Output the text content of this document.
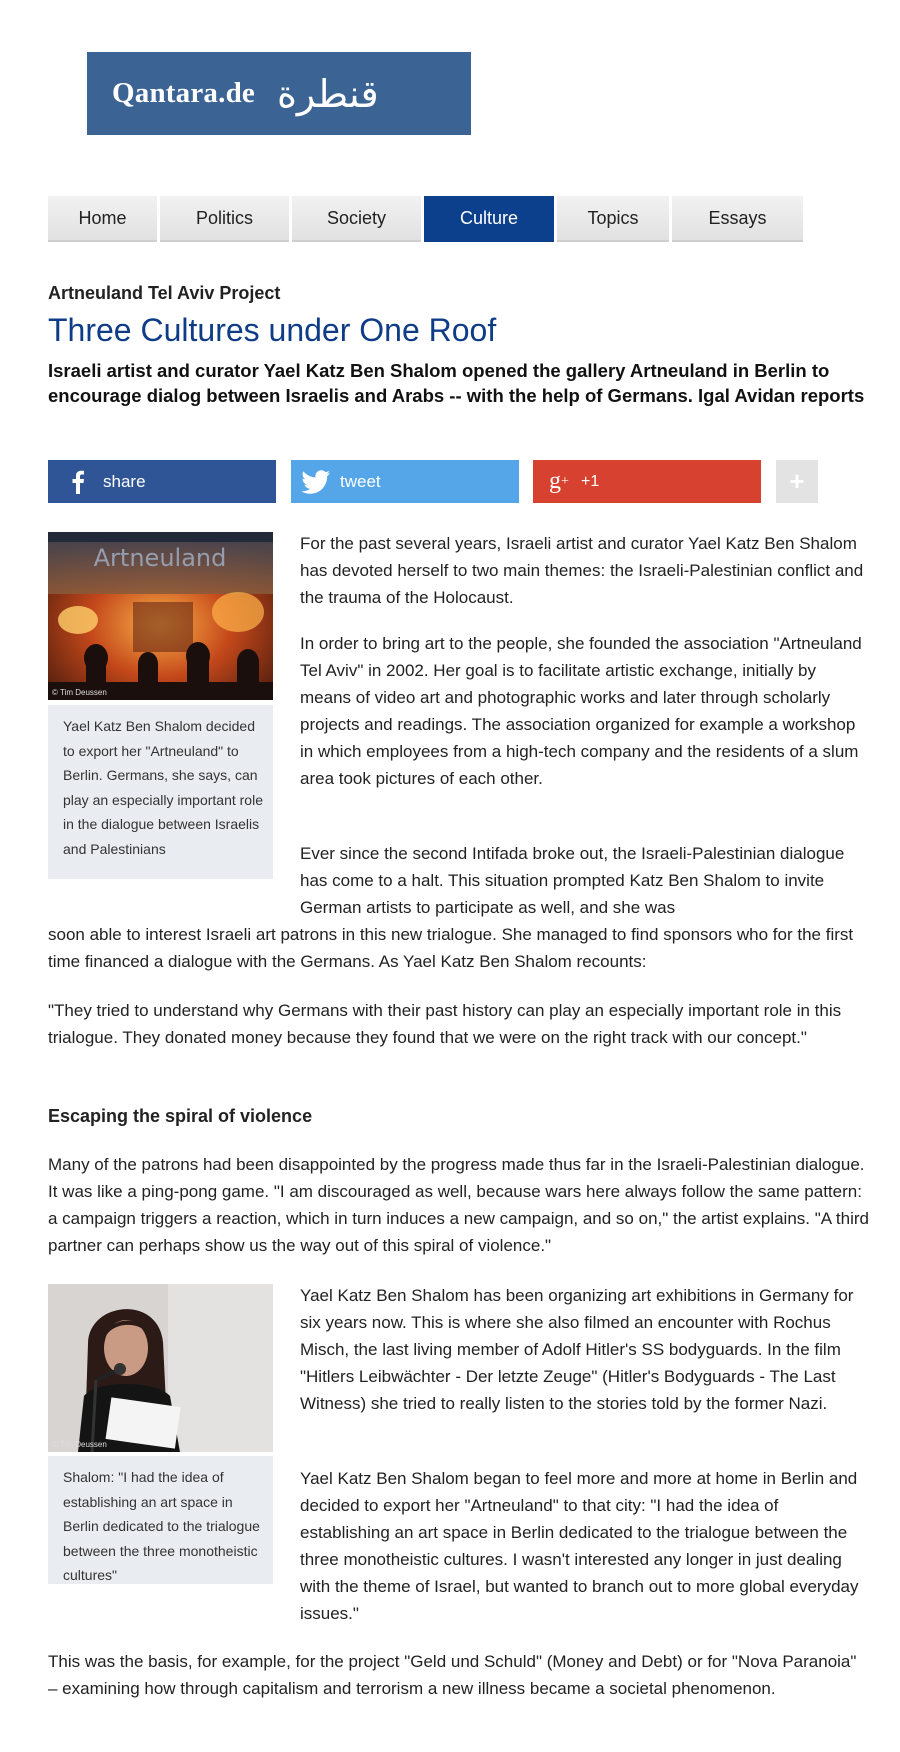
Qantara.de قنطرة
Home	Politics	Society	Culture	Topics	Essays
Artneuland Tel Aviv Project
Three Cultures under One Roof
Israeli artist and curator Yael Katz Ben Shalom opened the gallery Artneuland in Berlin to encourage dialog between Israelis and Arabs -- with the help of Germans. Igal Avidan reports
share	tweet	g + +1	+
Artneuland
© Tim Deussen
Yael Katz Ben Shalom decided to export her "Artneuland" to Berlin. Germans, she says, can play an especially important role in the dialogue between Israelis and Palestinians

For the past several years, Israeli artist and curator Yael Katz Ben Shalom has devoted herself to two main themes: the Israeli-Palestinian conflict and the trauma of the Holocaust.

In order to bring art to the people, she founded the association "Artneuland Tel Aviv" in 2002. Her goal is to facilitate artistic exchange, initially by means of video art and photographic works and later through scholarly projects and readings. The association organized for example a workshop in which employees from a high-tech company and the residents of a slum area took pictures of each other.

Ever since the second Intifada broke out, the Israeli-Palestinian dialogue has come to a halt. This situation prompted Katz Ben Shalom to invite German artists to participate as well, and she was

soon able to interest Israeli art patrons in this new trialogue. She managed to find sponsors who for the first time financed a dialogue with the Germans. As Yael Katz Ben Shalom recounts:

"They tried to understand why Germans with their past history can play an especially important role in this trialogue. They donated money because they found that we were on the right track with our concept."

Escaping the spiral of violence

Many of the patrons had been disappointed by the progress made thus far in the Israeli-Palestinian dialogue. It was like a ping-pong game. "I am discouraged as well, because wars here always follow the same pattern: a campaign triggers a reaction, which in turn induces a new campaign, and so on," the artist explains. "A third partner can perhaps show us the way out of this spiral of violence."

© Tim Deussen
Shalom: "I had the idea of establishing an art space in Berlin dedicated to the trialogue between the three monotheistic cultures"

Yael Katz Ben Shalom has been organizing art exhibitions in Germany for six years now. This is where she also filmed an encounter with Rochus Misch, the last living member of Adolf Hitler's SS bodyguards. In the film "Hitlers Leibwächter - Der letzte Zeuge" (Hitler's Bodyguards - The Last Witness) she tried to really listen to the stories told by the former Nazi.

Yael Katz Ben Shalom began to feel more and more at home in Berlin and decided to export her "Artneuland" to that city: "I had the idea of establishing an art space in Berlin dedicated to the trialogue between the three monotheistic cultures. I wasn't interested any longer in just dealing with the theme of Israel, but wanted to branch out to more global everyday issues."

This was the basis, for example, for the project "Geld und Schuld" (Money and Debt) or for "Nova Paranoia" – examining how through capitalism and terrorism a new illness became a societal phenomenon.
